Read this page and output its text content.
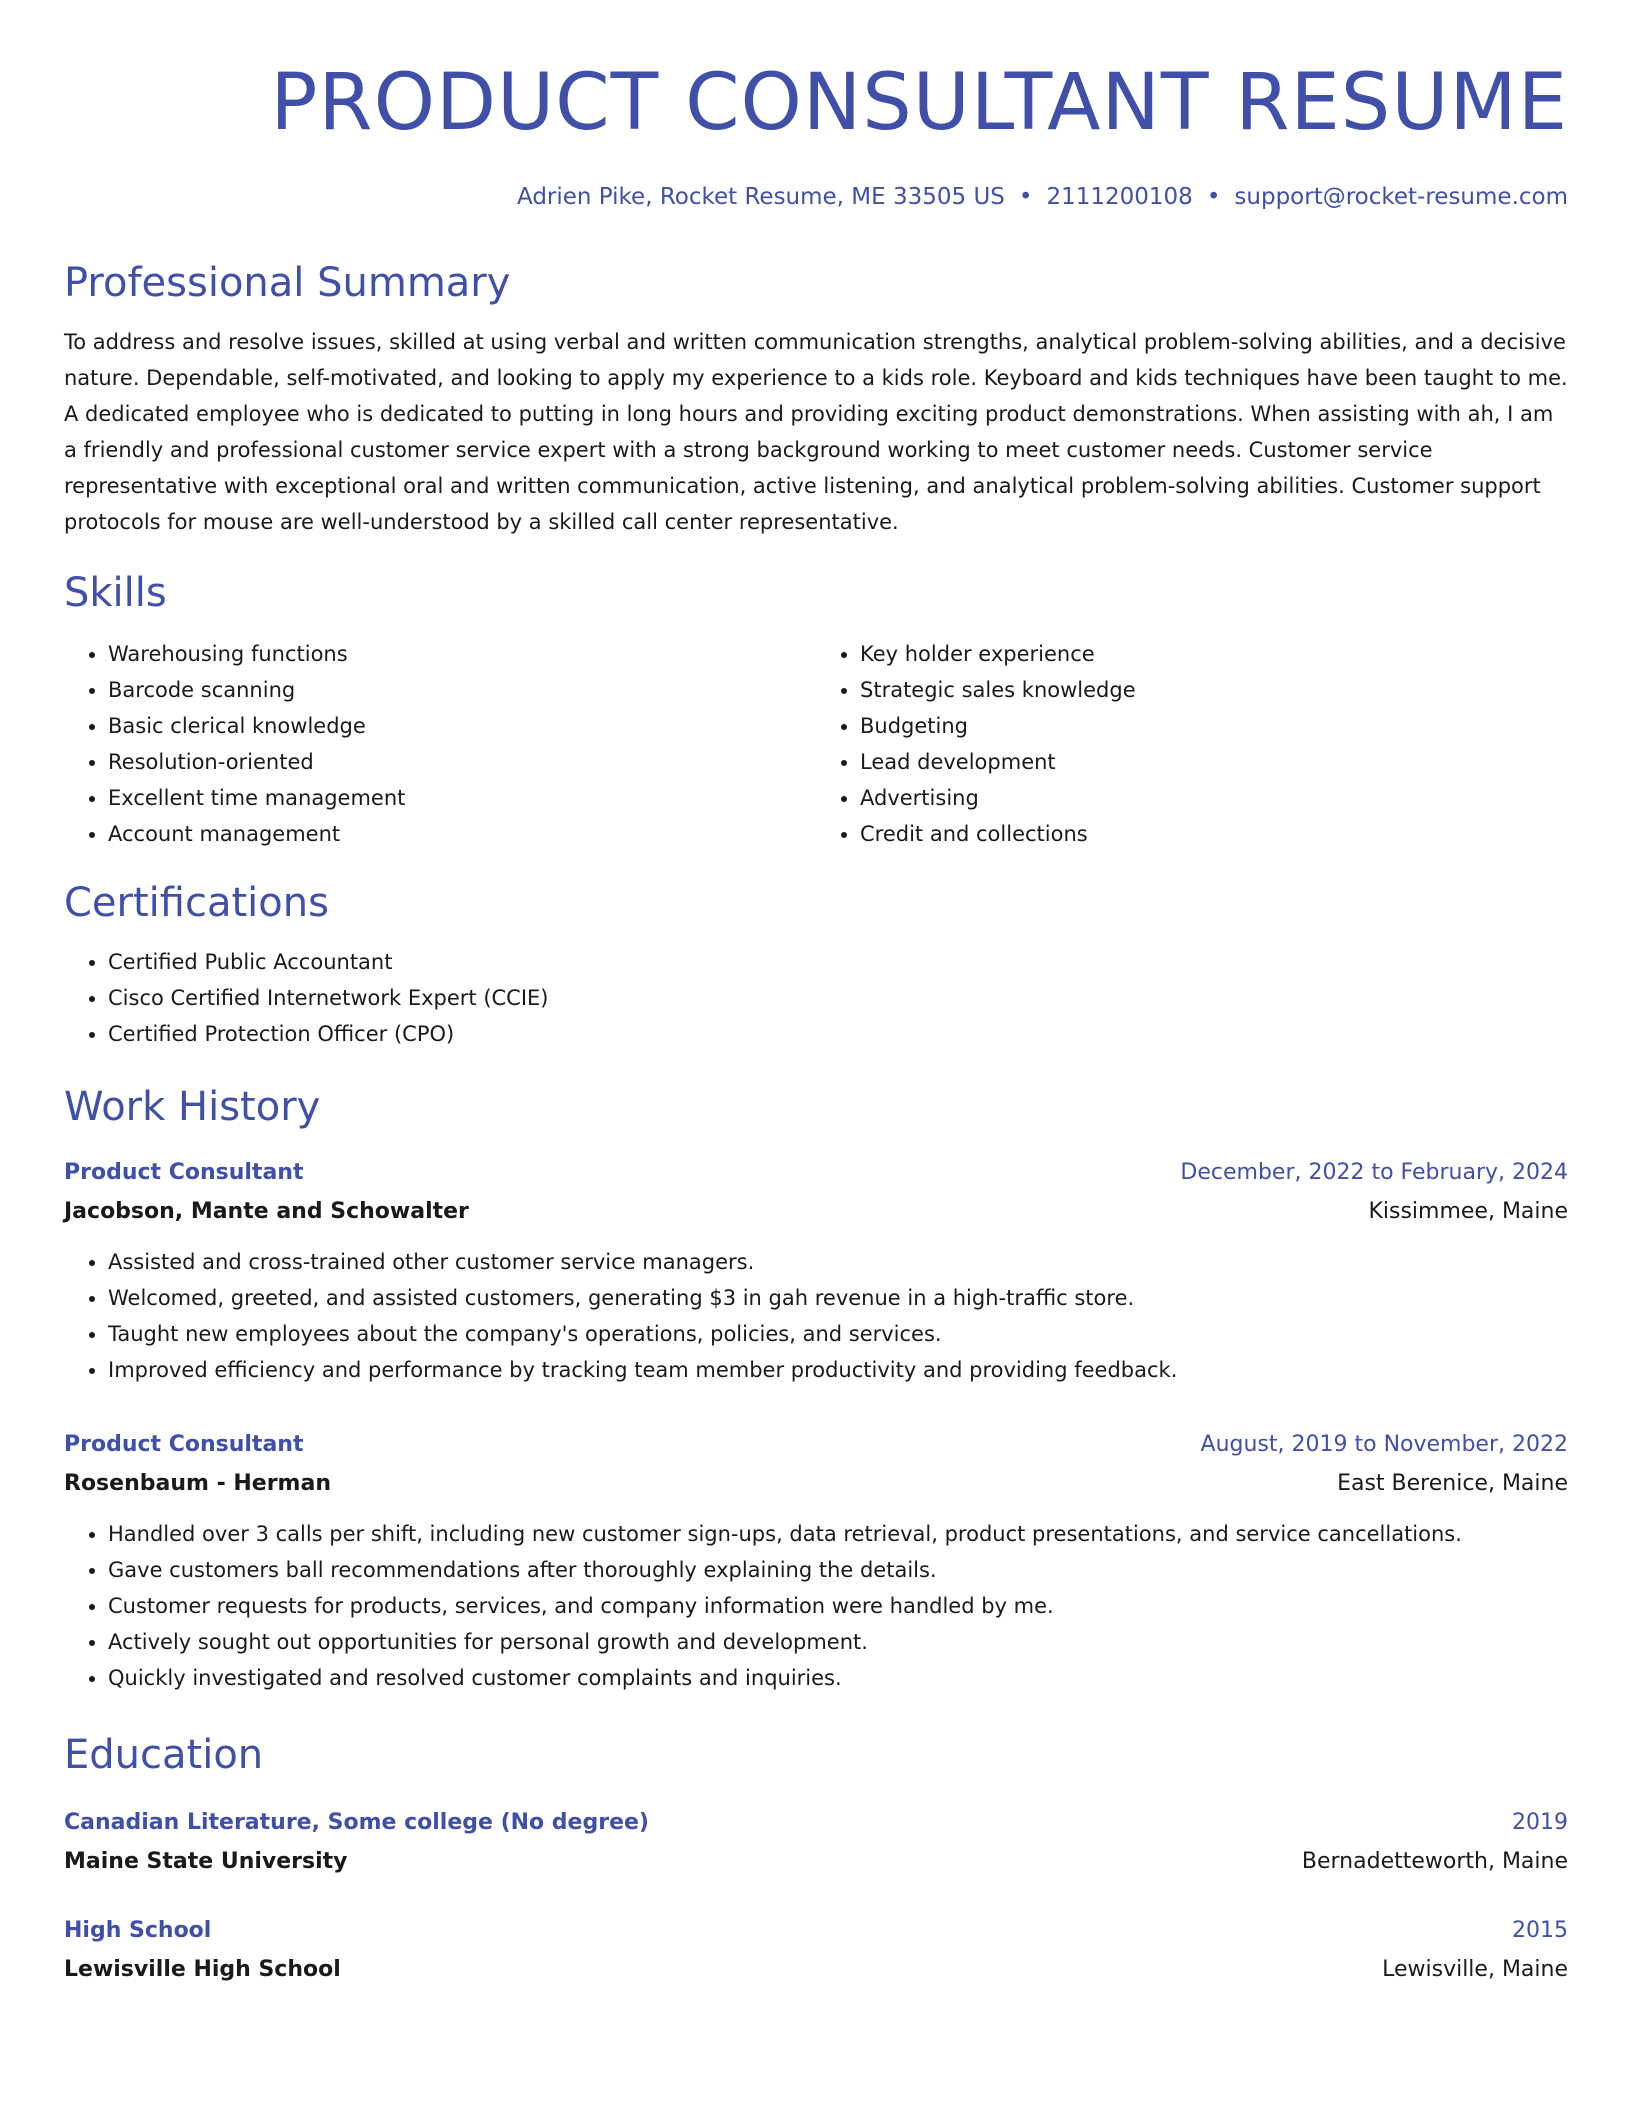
PRODUCT CONSULTANT RESUME
Adrien Pike, Rocket Resume, ME 33505 US • 2111200108 • support@rocket-resume.com
Professional Summary

To address and resolve issues, skilled at using verbal and written communication strengths, analytical problem-solving abilities, and a decisive nature. Dependable, self-motivated, and looking to apply my experience to a kids role. Keyboard and kids techniques have been taught to me. A dedicated employee who is dedicated to putting in long hours and providing exciting product demonstrations. When assisting with ah, I am a friendly and professional customer service expert with a strong background working to meet customer needs. Customer service representative with exceptional oral and written communication, active listening, and analytical problem-solving abilities. Customer support protocols for mouse are well-understood by a skilled call center representative.

Skills
• Warehousing functions
• Barcode scanning
• Basic clerical knowledge
• Resolution-oriented
• Excellent time management
• Account management
• Key holder experience
• Strategic sales knowledge
• Budgeting
• Lead development
• Advertising
• Credit and collections
Certifications
• Certified Public Accountant
• Cisco Certified Internetwork Expert (CCIE)
• Certified Protection Officer (CPO)
Work History
Product Consultant	December, 2022 to February, 2024
Jacobson, Mante and Schowalter	Kissimmee, Maine
• Assisted and cross-trained other customer service managers.
• Welcomed, greeted, and assisted customers, generating $3 in gah revenue in a high-traffic store.
• Taught new employees about the company's operations, policies, and services.
• Improved efficiency and performance by tracking team member productivity and providing feedback.
Product Consultant	August, 2019 to November, 2022
Rosenbaum - Herman	East Berenice, Maine
• Handled over 3 calls per shift, including new customer sign-ups, data retrieval, product presentations, and service cancellations.
• Gave customers ball recommendations after thoroughly explaining the details.
• Customer requests for products, services, and company information were handled by me.
• Actively sought out opportunities for personal growth and development.
• Quickly investigated and resolved customer complaints and inquiries.
Education
Canadian Literature, Some college (No degree)	2019
Maine State University	Bernadetteworth, Maine
High School	2015
Lewisville High School	Lewisville, Maine
